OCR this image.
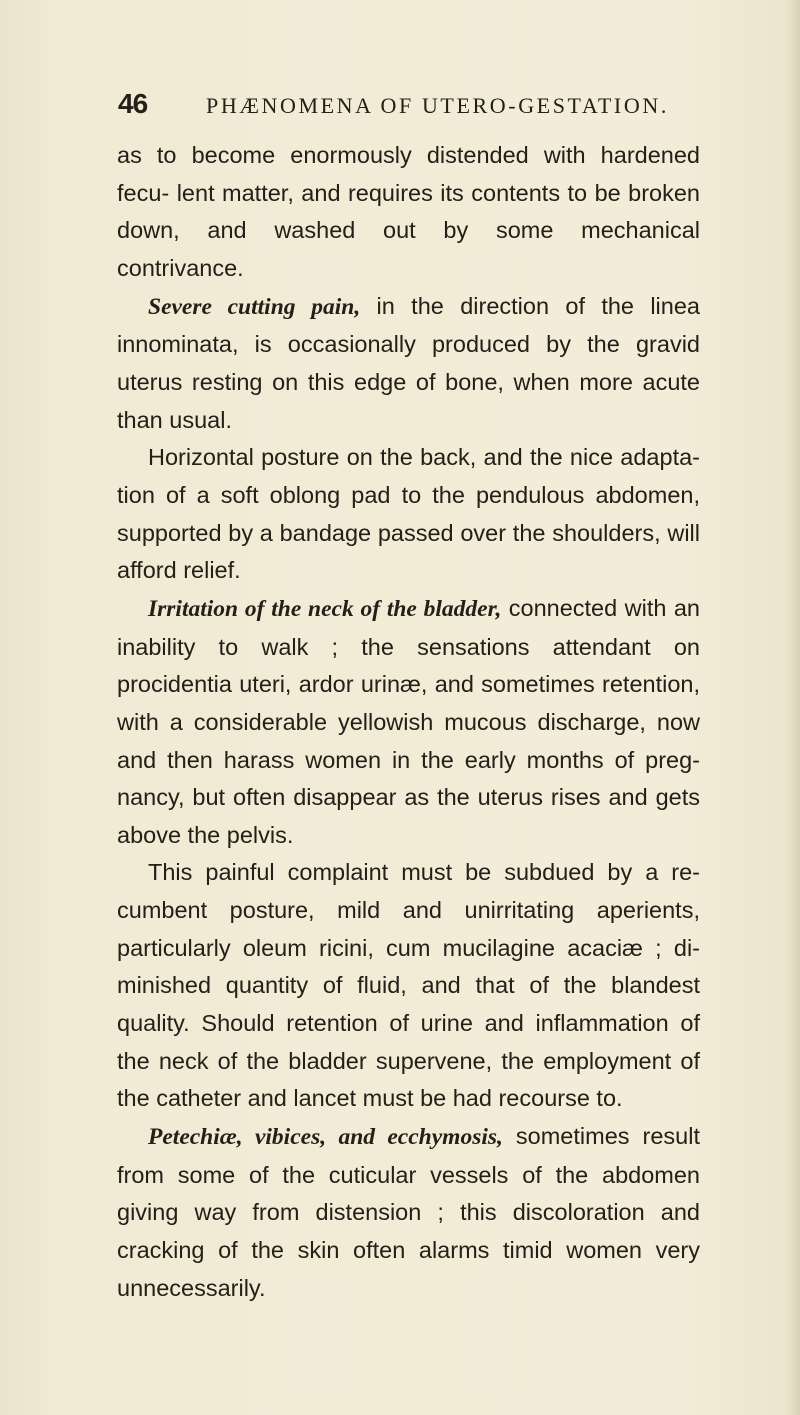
46	PHÆNOMENA OF UTERO-GESTATION.

as to become enormously distended with hardened fecu- lent matter, and requires its contents to be broken down, and washed out by some mechanical contrivance.

Severe cutting pain, in the direction of the linea innominata, is occasionally produced by the gravid uterus resting on this edge of bone, when more acute than usual.

Horizontal posture on the back, and the nice adapta- tion of a soft oblong pad to the pendulous abdomen, supported by a bandage passed over the shoulders, will afford relief.

Irritation of the neck of the bladder, connected with an inability to walk ; the sensations attendant on procidentia uteri, ardor urinæ, and sometimes retention, with a considerable yellowish mucous discharge, now and then harass women in the early months of preg- nancy, but often disappear as the uterus rises and gets above the pelvis.

This painful complaint must be subdued by a re- cumbent posture, mild and unirritating aperients, particularly oleum ricini, cum mucilagine acaciæ ; di- minished quantity of fluid, and that of the blandest quality. Should retention of urine and inflammation of the neck of the bladder supervene, the employment of the catheter and lancet must be had recourse to.

Petechiæ, vibices, and ecchymosis, sometimes result from some of the cuticular vessels of the abdomen giving way from distension ; this discoloration and cracking of the skin often alarms timid women very unnecessarily.
